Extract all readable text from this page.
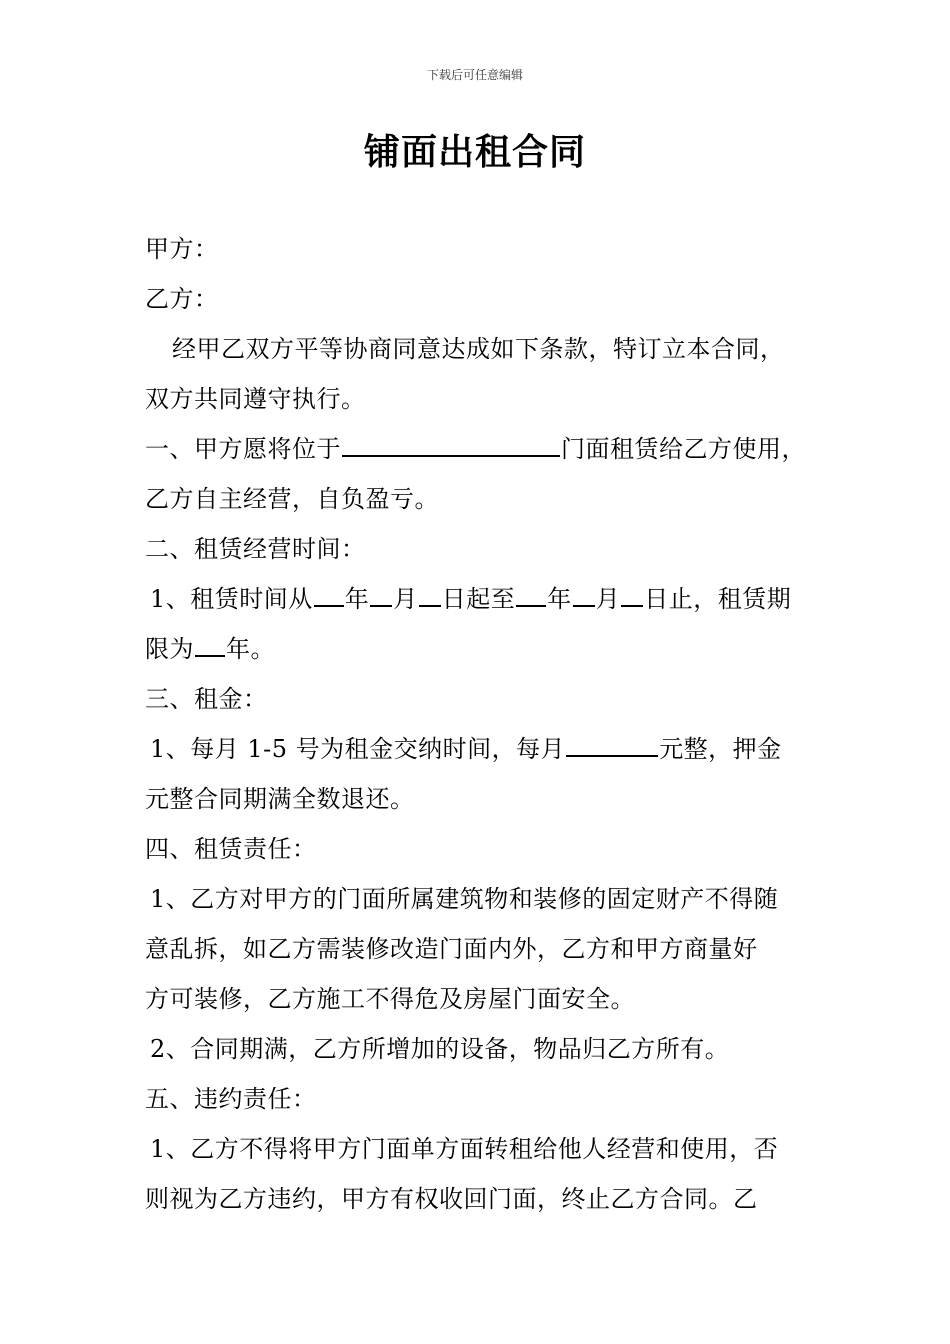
下载后可任意编辑
铺面出租合同
甲方：
乙方：
经甲乙双方平等协商同意达成如下条款，特订立本合同，
双方共同遵守执行。
一、甲方愿将位于	门面租赁给乙方使用，
乙方自主经营，自负盈亏。
二、租赁经营时间：
1、租赁时间从 年 月 日起至 年 月 日止，租赁期
限为 年。
三、租金：
1、每月 1-5 号为租金交纳时间，每月	元整，押金
元整合同期满全数退还。
四、租赁责任：
1、乙方对甲方的门面所属建筑物和装修的固定财产不得随
意乱拆，如乙方需装修改造门面内外，乙方和甲方商量好
方可装修，乙方施工不得危及房屋门面安全。
2、合同期满，乙方所增加的设备，物品归乙方所有。
五、违约责任：
1、乙方不得将甲方门面单方面转租给他人经营和使用，否
则视为乙方违约，甲方有权收回门面，终止乙方合同。乙
